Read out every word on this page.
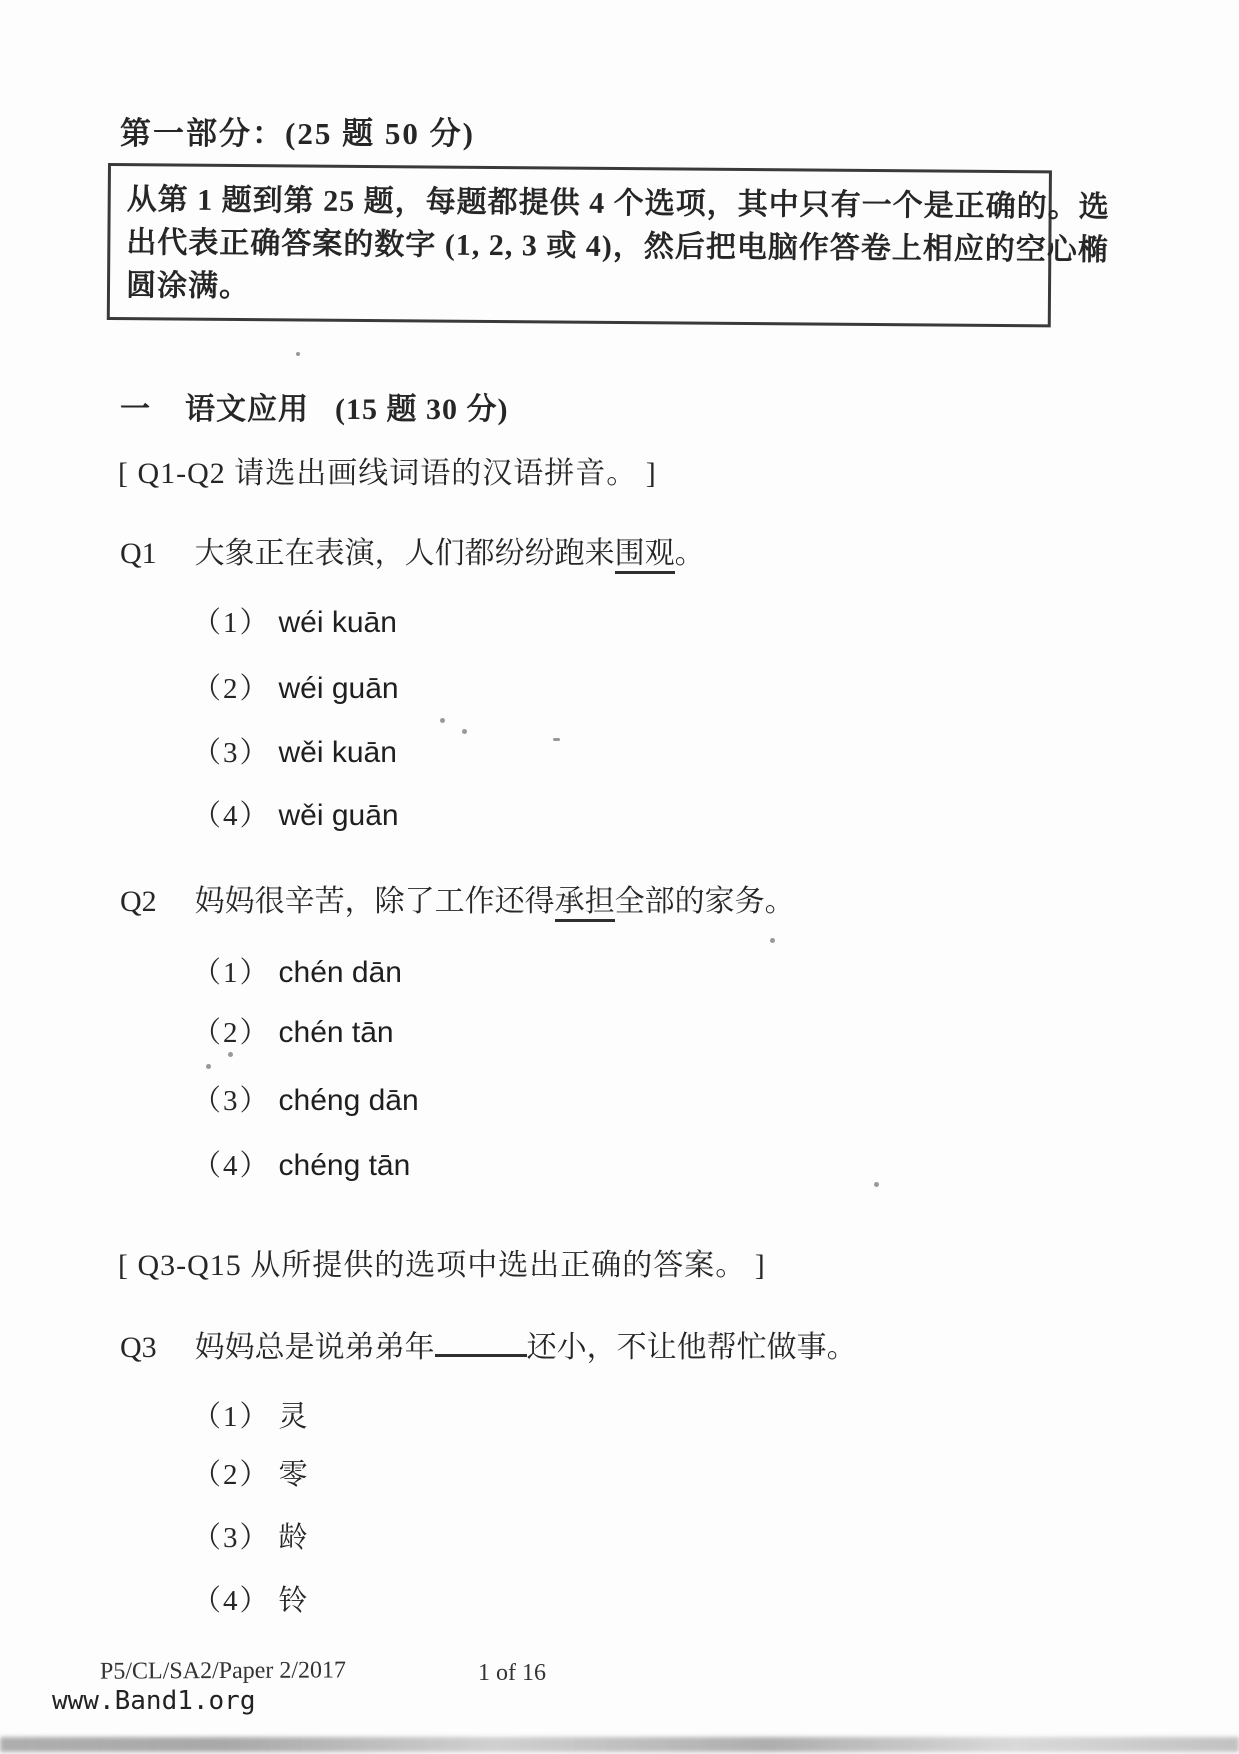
第一部分：(25 题 50 分)

从第 1 题到第 25 题，每题都提供 4 个选项，其中只有一个是正确的。选

出代表正确答案的数字 (1, 2, 3 或 4)，然后把电脑作答卷上相应的空心椭

圆涂满。

一 语文应用 (15 题 30 分)

[ Q1-Q2 请选出画线词语的汉语拼音。 ]

Q1 大象正在表演，人们都纷纷跑来围观。
（1） wéi kuān
（2） wéi guān
（3） wěi kuān
（4） wěi guān
Q2 妈妈很辛苦，除了工作还得承担全部的家务。
（1） chén dān
（2） chén tān
（3） chéng dān
（4） chéng tān

[ Q3-Q15 从所提供的选项中选出正确的答案。 ]

Q3 妈妈总是说弟弟年	还小，不让他帮忙做事。
（1） 灵
（2） 零
（3） 龄
（4） 铃
P5/CL/SA2/Paper 2/2017	1 of 16
www.Band1.org
